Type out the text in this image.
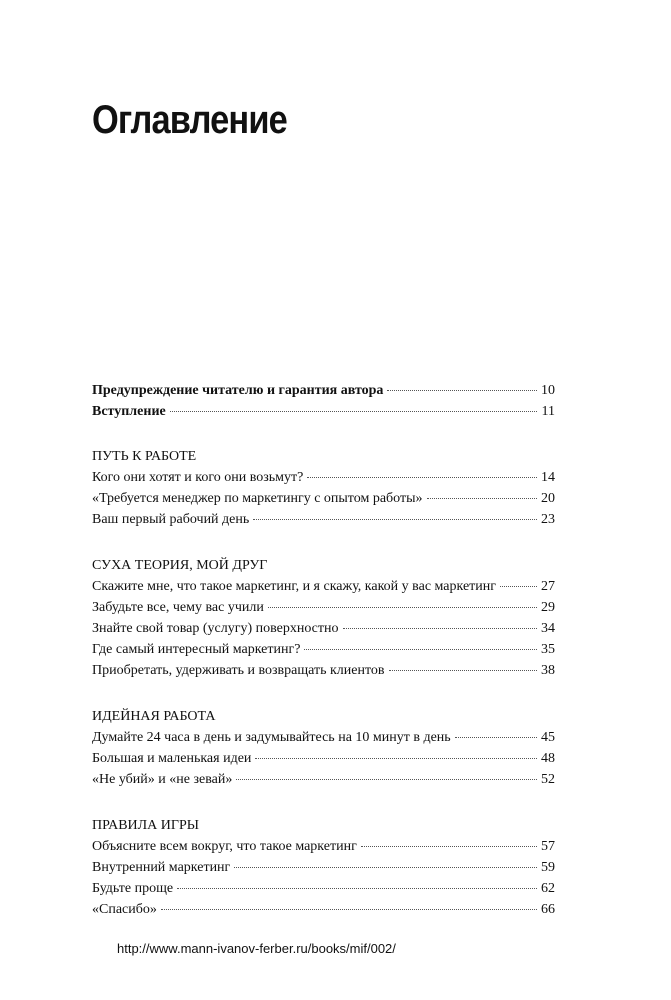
Оглавление
Предупреждение читателю и гарантия автора	10
Вступление	11
ПУТЬ К РАБОТЕ
Кого они хотят и кого они возьмут?	14
«Требуется менеджер по маркетингу с опытом работы»	20
Ваш первый рабочий день	23
СУХА ТЕОРИЯ, МОЙ ДРУГ
Скажите мне, что такое маркетинг, и я скажу, какой у вас маркетинг	27
Забудьте все, чему вас учили	29
Знайте свой товар (услугу) поверхностно	34
Где самый интересный маркетинг?	35
Приобретать, удерживать и возвращать клиентов	38
ИДЕЙНАЯ РАБОТА
Думайте 24 часа в день и задумывайтесь на 10 минут в день	45
Большая и маленькая идеи	48
«Не убий» и «не зевай»	52
ПРАВИЛА ИГРЫ
Объясните всем вокруг, что такое маркетинг	57
Внутренний маркетинг	59
Будьте проще	62
«Спасибо»	66
http://www.mann-ivanov-ferber.ru/books/mif/002/
